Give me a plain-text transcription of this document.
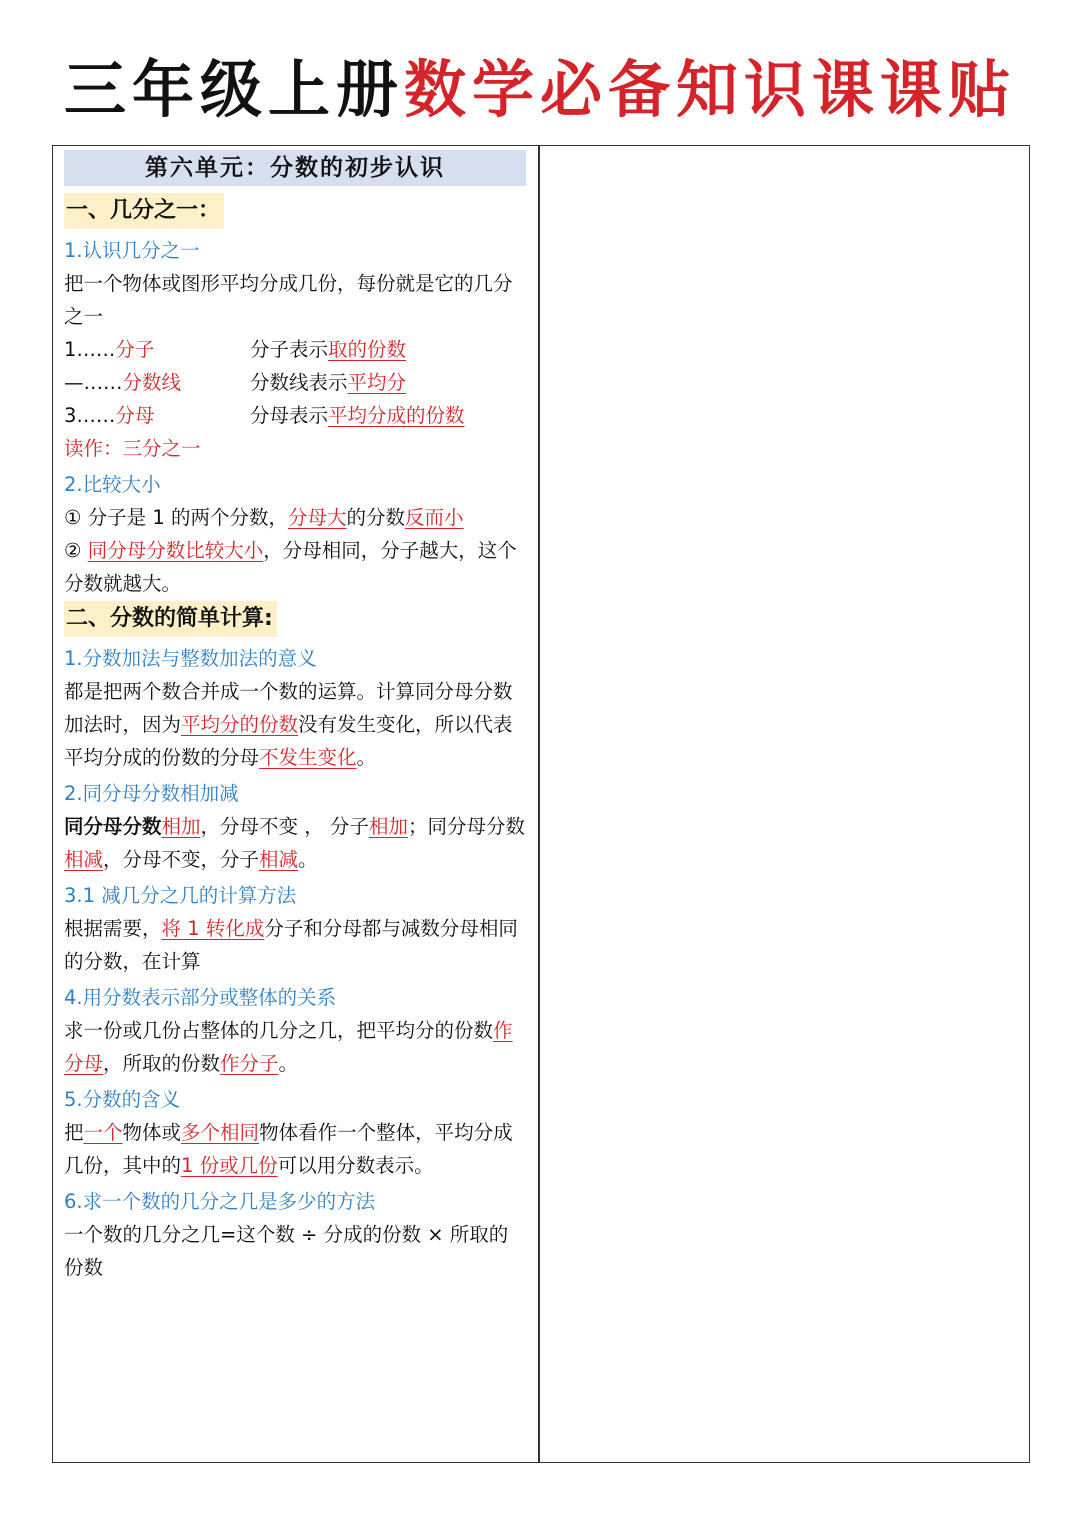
三年级上册数学必备知识课课贴
第六单元：分数的初步认识
一、几分之一：
1.认识几分之一

把一个物体或图形平均分成几份，每份就是它的几分之一

1……分子	分子表示取的份数
—……分数线	分数线表示平均分
3……分母	分母表示平均分成的份数
读作：三分之一
2.比较大小

① 分子是 1 的两个分数，分母大的分数反而小

② 同分母分数比较大小，分母相同，分子越大，这个分数就越大。

二、分数的简单计算:
1.分数加法与整数加法的意义

都是把两个数合并成一个数的运算。计算同分母分数加法时，因为平均分的份数没有发生变化，所以代表平均分成的份数的分母不发生变化。

2.同分母分数相加减

同分母分数相加，分母不变 ， 分子相加；同分母分数相减，分母不变，分子相减。

3.1 减几分之几的计算方法

根据需要，将 1 转化成分子和分母都与减数分母相同的分数，在计算

4.用分数表示部分或整体的关系

求一份或几份占整体的几分之几，把平均分的份数作分母，所取的份数作分子。

5.分数的含义

把一个物体或多个相同物体看作一个整体，平均分成几份，其中的1 份或几份可以用分数表示。

6.求一个数的几分之几是多少的方法

一个数的几分之几=这个数 ÷ 分成的份数 × 所取的份数
